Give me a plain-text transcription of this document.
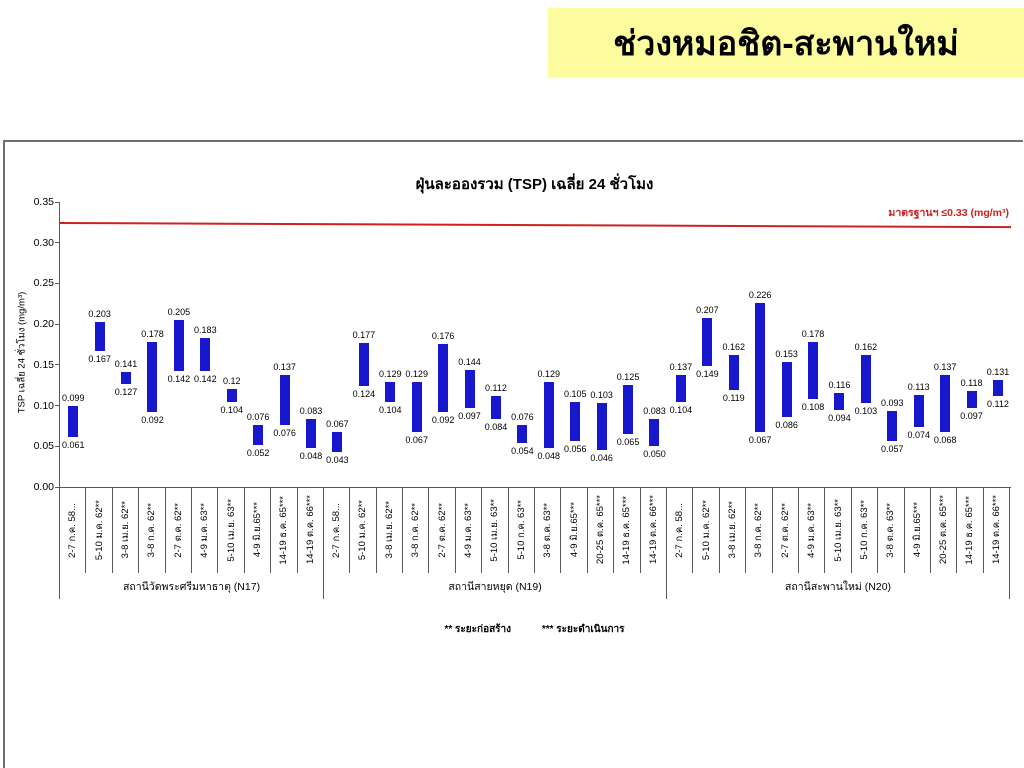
ช่วงหมอชิต-สะพานใหม่
ฝุ่นละอองรวม (TSP) เฉลี่ย 24 ชั่วโมง
TSP เฉลี่ย 24 ชั่วโมง (mg/m³)
มาตรฐานฯ ≤0.33 (mg/m³)
0.099
0.061
0.203
0.167
0.141
0.127
0.178
0.092
0.205
0.142
0.183
0.142 0.12
0.104
0.076
0.052
0.137
0.076
0.083
0.048
0.067
0.043
0.177
0.124
0.129
0.104
0.129
0.067
0.176
0.092
0.144
0.097
0.112
0.084
0.076
0.054
0.129
0.048
0.105
0.056
0.103
0.046
0.125
0.065
0.083
0.050
0.137
0.104
0.207
0.149
0.162
0.119
0.226
0.067
0.153
0.086
0.178
0.108
0.116
0.094
0.162
0.103
0.093
0.057
0.113
0.074
0.137
0.068
0.118
0.097
0.131
0.112
0.00
0.05
0.10
0.15
0.20
0.25
0.30
0.35
2-7 ก.ค. 58... 5-10 ม.ค. 62** 3-8 เม.ย. 62** 3-8 ก.ค. 62** 2-7 ต.ค. 62** 4-9 ม.ค. 63** 5-10 เม.ย. 63** 4-9 มิ.ย.65*** 14-19 ธ.ค. 65*** 14-19 ต.ค. 66*** 2-7 ก.ค. 58... 5-10 ม.ค. 62** 3-8 เม.ย. 62** 3-8 ก.ค. 62** 2-7 ต.ค. 62** 4-9 ม.ค. 63** 5-10 เม.ย. 63** 5-10 ก.ค. 63** 3-8 ต.ค. 63** 4-9 มิ.ย.65*** 20-25 ต.ค. 65*** 14-19 ธ.ค. 65*** 14-19 ต.ค. 66*** 2-7 ก.ค. 58... 5-10 ม.ค. 62** 3-8 เม.ย. 62** 3-8 ก.ค. 62** 2-7 ต.ค. 62** 4-9 ม.ค. 63** 5-10 เม.ย. 63** 5-10 ก.ค. 63** 3-8 ต.ค. 63** 4-9 มิ.ย.65*** 20-25 ต.ค. 65*** 14-19 ธ.ค. 65*** 14-19 ต.ค. 66***
สถานีวัดพระศรีมหาธาตุ (N17)	สถานีสายหยุด (N19)	สถานีสะพานใหม่ (N20)
** ระยะก่อสร้าง	*** ระยะดำเนินการ
